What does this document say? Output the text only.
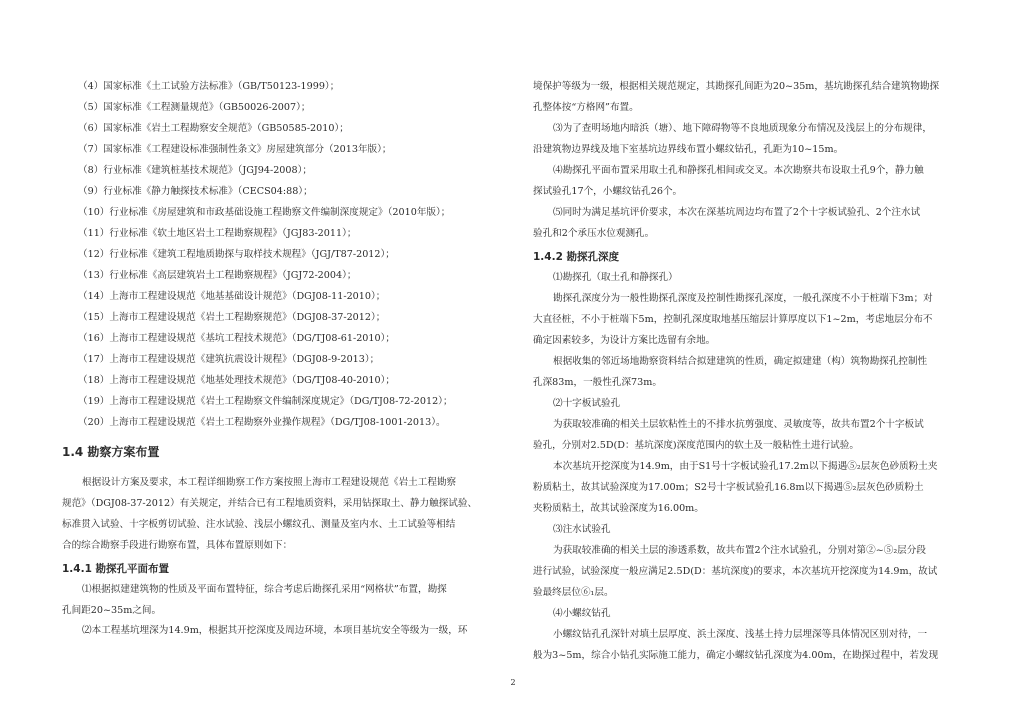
（4）国家标准《土工试验方法标准》（GB/T50123-1999）；
（5）国家标准《工程测量规范》（GB50026-2007）；
（6）国家标准《岩土工程勘察安全规范》（GB50585-2010）；
（7）国家标准《工程建设标准强制性条文》房屋建筑部分（2013年版）；
（8）行业标准《建筑桩基技术规范》（JGJ94-2008）；
（9）行业标准《静力触探技术标准》（CECS04:88）；
（10）行业标准《房屋建筑和市政基础设施工程勘察文件编制深度规定》（2010年版）；
（11）行业标准《软土地区岩土工程勘察规程》（JGJ83-2011）；
（12）行业标准《建筑工程地质勘探与取样技术规程》（JGJ/T87-2012）；
（13）行业标准《高层建筑岩土工程勘察规程》（JGJ72-2004）；
（14）上海市工程建设规范《地基基础设计规范》（DGJ08-11-2010）；
（15）上海市工程建设规范《岩土工程勘察规范》（DGJ08-37-2012）；
（16）上海市工程建设规范《基坑工程技术规范》（DG/TJ08-61-2010）；
（17）上海市工程建设规范《建筑抗震设计规程》（DGJ08-9-2013）；
（18）上海市工程建设规范《地基处理技术规范》（DG/TJ08-40-2010）；
（19）上海市工程建设规范《岩土工程勘察文件编制深度规定》（DG/TJ08-72-2012）；
（20）上海市工程建设规范《岩土工程勘察外业操作规程》（DG/TJ08-1001-2013）。
1.4 勘察方案布置
根据设计方案及要求，本工程详细勘察工作方案按照上海市工程建设规范《岩土工程勘察
规范》（DGJ08-37-2012）有关规定，并结合已有工程地质资料，采用钻探取土、静力触探试验、
标准贯入试验、十字板剪切试验、注水试验、浅层小螺纹孔、测量及室内水、土工试验等相结
合的综合勘察手段进行勘察布置，具体布置原则如下：
1.4.1 勘探孔平面布置
⑴根据拟建建筑物的性质及平面布置特征，综合考虑后勘探孔采用“网格状”布置，勘探
孔间距20~35m之间。
⑵本工程基坑埋深为14.9m，根据其开挖深度及周边环境，本项目基坑安全等级为一级，环
境保护等级为一级，根据相关规范规定，其勘探孔间距为20~35m，基坑勘探孔结合建筑物勘探
孔整体按“方格网”布置。
⑶为了查明场地内暗浜（塘）、地下障碍物等不良地质现象分布情况及浅层上的分布规律，
沿建筑物边界线及地下室基坑边界线布置小螺纹钻孔，孔距为10~15m。
⑷勘探孔平面布置采用取土孔和静探孔相间或交叉。本次勘察共布设取土孔9个，静力触
探试验孔17个，小螺纹钻孔26个。
⑸同时为满足基坑评价要求，本次在深基坑周边均布置了2个十字板试验孔、2个注水试
验孔和2个承压水位观测孔。
1.4.2 勘探孔深度
⑴勘探孔（取土孔和静探孔）
勘探孔深度分为一般性勘探孔深度及控制性勘探孔深度，一般孔深度不小于桩端下3m；对
大直径桩，不小于桩端下5m，控制孔深度取地基压缩层计算厚度以下1~2m，考虑地层分布不
确定因素较多，为设计方案比选留有余地。
根据收集的邻近场地勘察资料结合拟建建筑的性质，确定拟建建（构）筑物勘探孔控制性
孔深83m，一般性孔深73m。
⑵十字板试验孔
为获取较准确的相关土层软粘性土的不排水抗剪强度、灵敏度等，故共布置2个十字板试
验孔，分别对2.5D(D：基坑深度)深度范围内的软土及一般粘性土进行试验。
本次基坑开挖深度为14.9m，由于S1号十字板试验孔17.2m以下揭遇⑤₂层灰色砂质粉土夹
粉质粘土，故其试验深度为17.00m；S2号十字板试验孔16.8m以下揭遇⑤₂层灰色砂质粉土
夹粉质粘土，故其试验深度为16.00m。
⑶注水试验孔
为获取较准确的相关土层的渗透系数，故共布置2个注水试验孔，分别对第②~⑤₂层分段
进行试验，试验深度一般应满足2.5D(D：基坑深度)的要求，本次基坑开挖深度为14.9m，故试
验最终层位⑥₁层。
⑷小螺纹钻孔
小螺纹钻孔孔深针对填土层厚度、浜土深度、浅基土持力层埋深等具体情况区别对待，一
般为3~5m，综合小钻孔实际施工能力，确定小螺纹钻孔深度为4.00m，在勘探过程中，若发现
2
